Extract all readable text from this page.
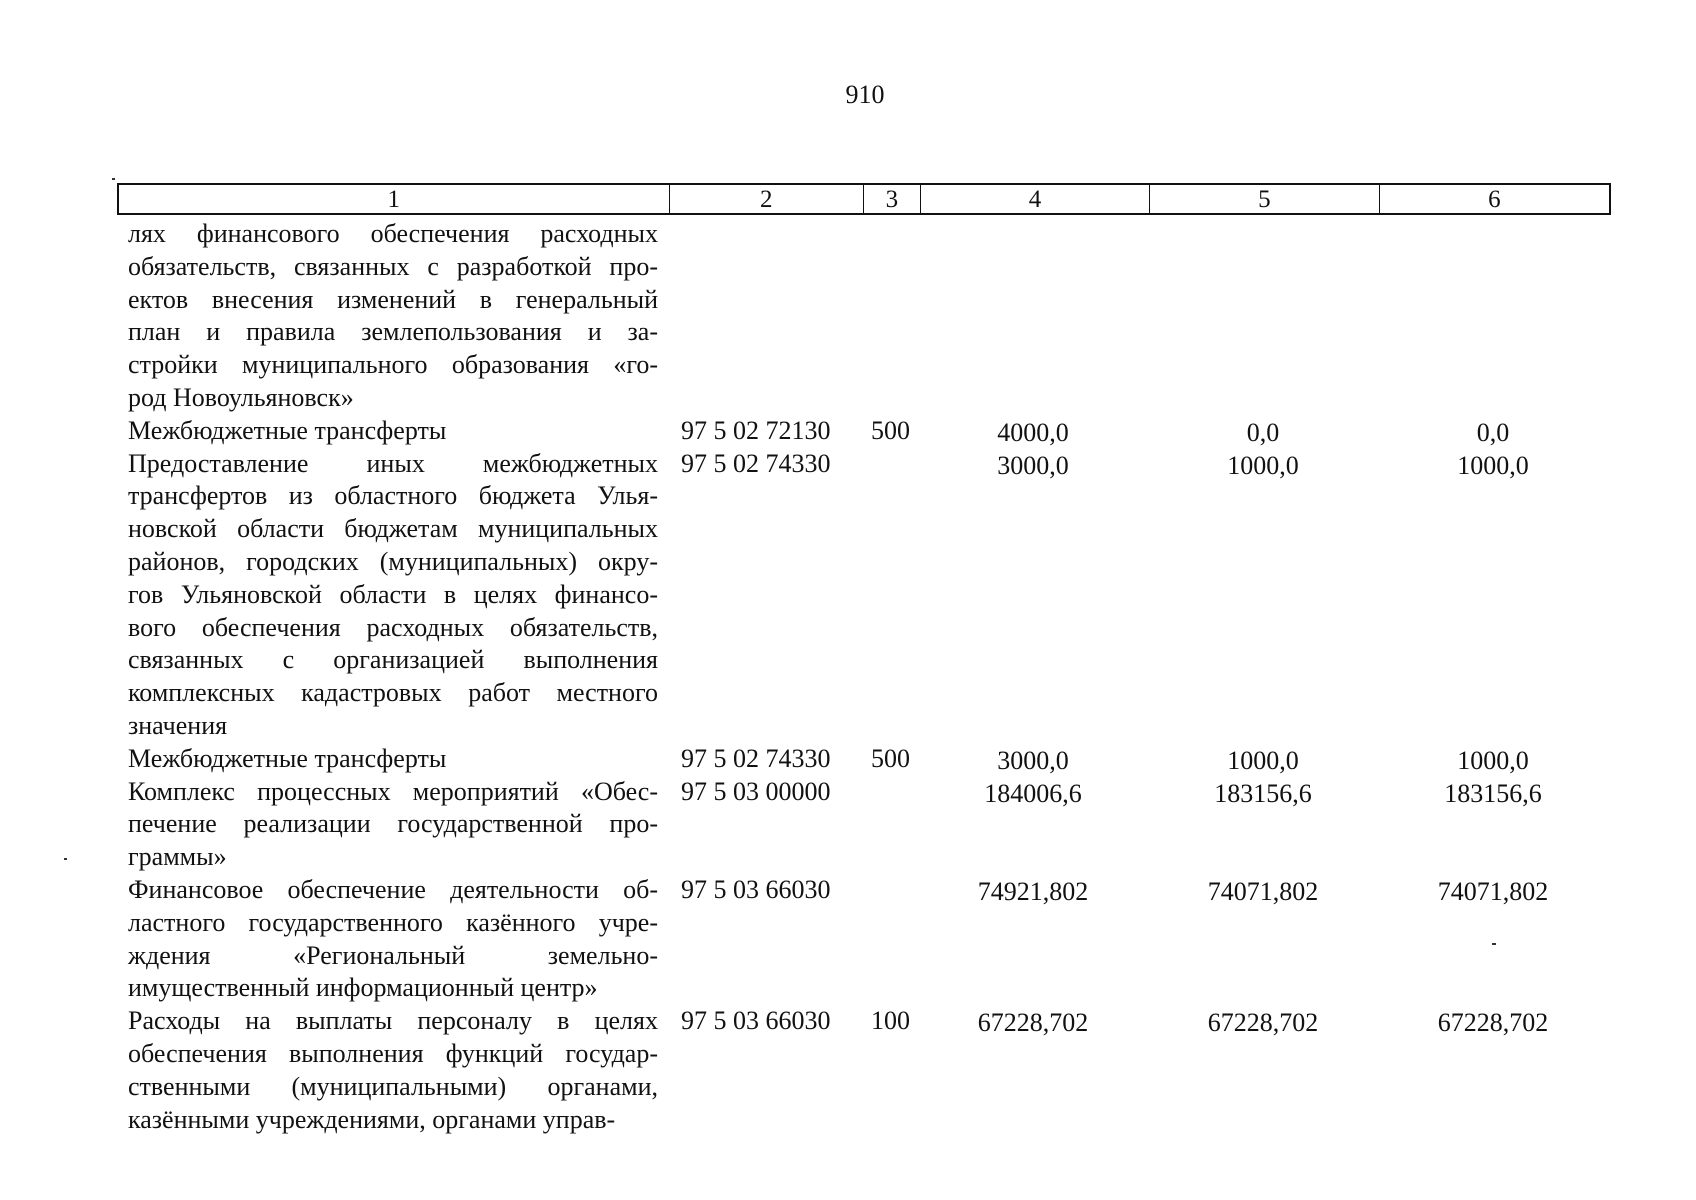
910
1	2	3	4	5	6
лях финансового обеспечения расходных
обязательств, связанных с разработкой про-
ектов внесения изменений в генеральный
план и правила землепользования и за-
стройки муниципального образования «го-
род Новоульяновск»
Межбюджетные трансферты	97 5 02 72130 500	4000,0	0,0	0,0
Предоставление иных межбюджетных
трансфертов из областного бюджета Улья-
новской области бюджетам муниципальных
районов, городских (муниципальных) окру-
гов Ульяновской области в целях финансо-
вого обеспечения расходных обязательств,
связанных с организацией выполнения
комплексных кадастровых работ местного
значения
97 5 02 74330	3000,0	1000,0	1000,0
Межбюджетные трансферты	97 5 02 74330 500	3000,0	1000,0	1000,0
Комплекс процессных мероприятий «Обес-
печение реализации государственной про-
граммы»
97 5 03 00000	184006,6	183156,6	183156,6
Финансовое обеспечение деятельности об-
ластного государственного казённого учре-
ждения «Региональный земельно-
имущественный информационный центр»
97 5 03 66030	74921,802	74071,802	74071,802
Расходы на выплаты персоналу в целях
обеспечения выполнения функций государ-
ственными (муниципальными) органами,
казёнными учреждениями, органами управ-
97 5 03 66030 100	67228,702	67228,702	67228,702
